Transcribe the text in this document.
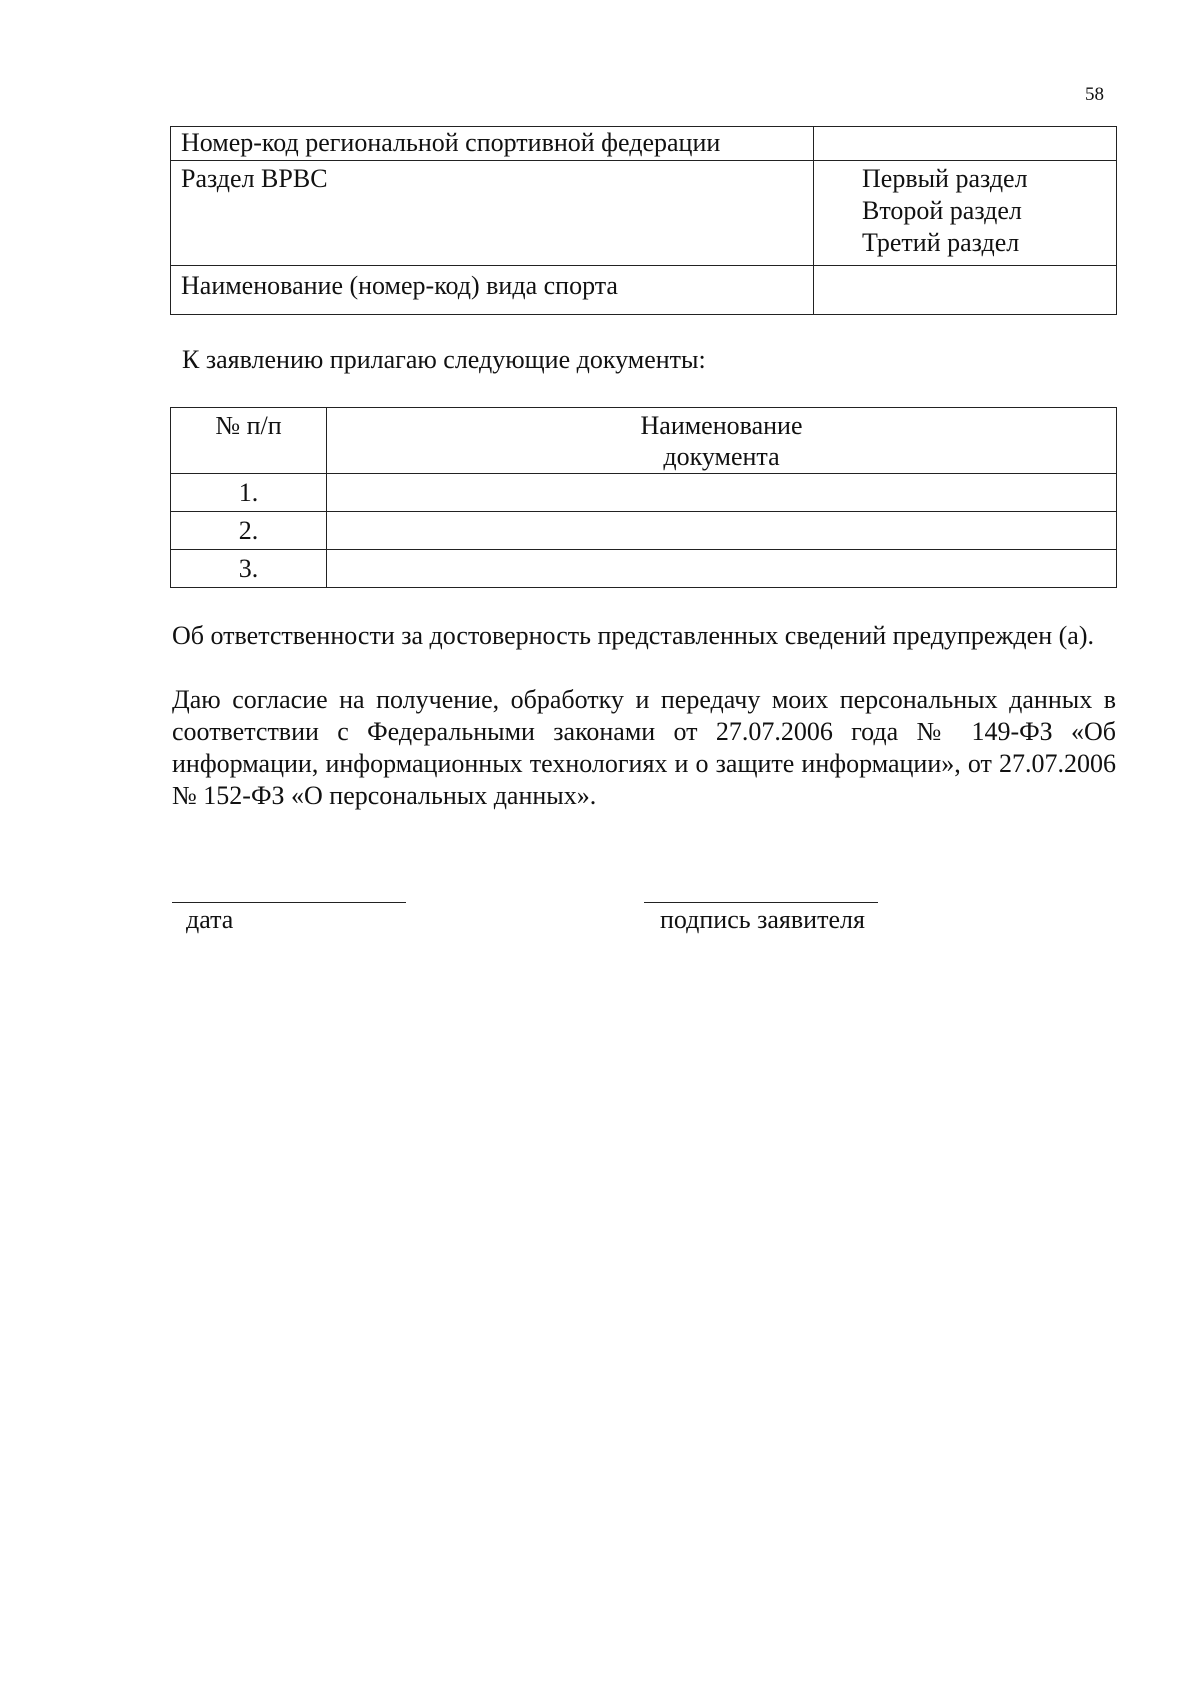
58
Номер-код региональной спортивной федерации	
Раздел ВРВС	Первый раздел
Второй раздел
Третий раздел

Наименование (номер-код) вида спорта	
К заявлению прилагаю следующие документы:
№ п/п	Наименование
документа

1.	
2.	
3.	
Об ответственности за достоверность представленных сведений предупрежден (а).
Даю согласие на получение, обработку и передачу моих персональных данных в соответствии с Федеральными законами от 27.07.2006 года № 149-ФЗ «Об информации, информационных технологиях и о защите информации», от 27.07.2006 № 152-ФЗ «О персональных данных».
дата	подпись заявителя
